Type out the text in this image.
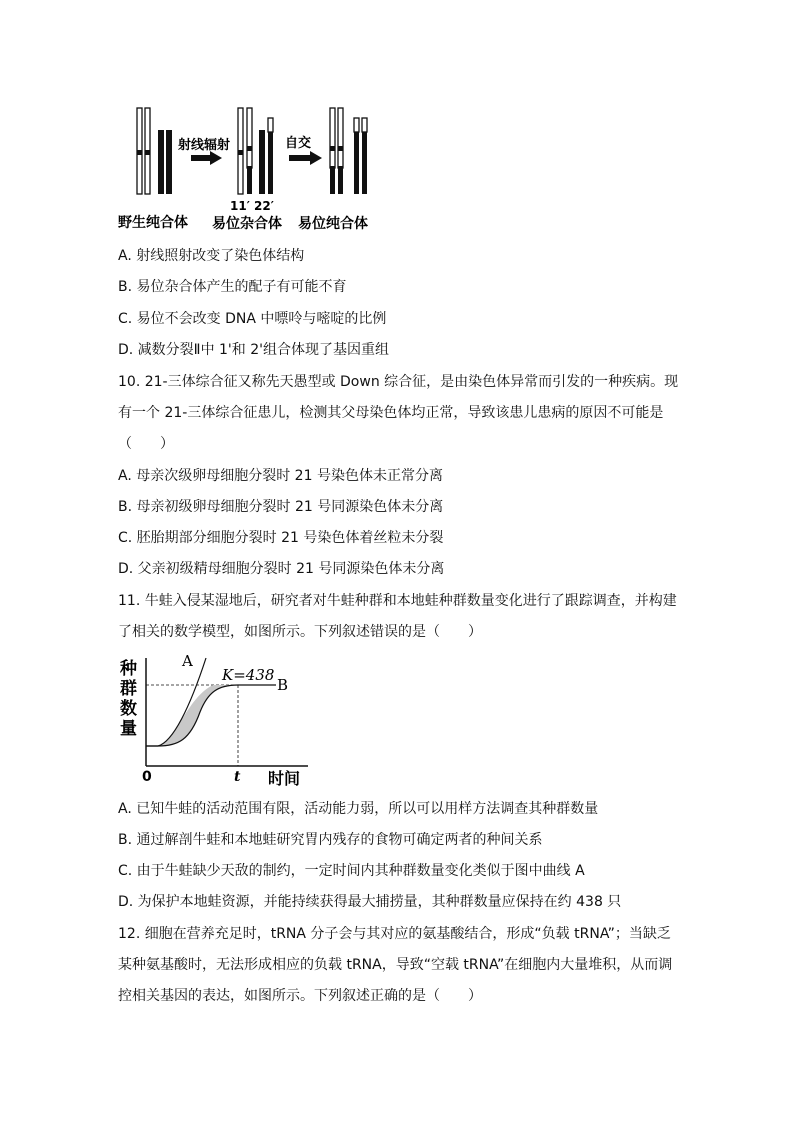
射线辐射
11′ 22′
自交
野生纯合体 易位杂合体 易位纯合体
A. 射线照射改变了染色体结构
B. 易位杂合体产生的配子有可能不育
C. 易位不会改变 DNA 中嘌呤与嘧啶的比例
D. 减数分裂Ⅱ中 1'和 2'组合体现了基因重组
10. 21-三体综合征又称先天愚型或 Down 综合征，是由染色体异常而引发的一种疾病。现
有一个 21-三体综合征患儿，检测其父母染色体均正常，导致该患儿患病的原因不可能是
（　　）
A. 母亲次级卵母细胞分裂时 21 号染色体未正常分离
B. 母亲初级卵母细胞分裂时 21 号同源染色体未分离
C. 胚胎期部分细胞分裂时 21 号染色体着丝粒未分裂
D. 父亲初级精母细胞分裂时 21 号同源染色体未分离
11. 牛蛙入侵某湿地后，研究者对牛蛙种群和本地蛙种群数量变化进行了跟踪调查，并构建
了相关的数学模型，如图所示。下列叙述错误的是（　　）
种
群
数
量
A
K=438
B
0	t 时间
A. 已知牛蛙的活动范围有限，活动能力弱，所以可以用样方法调查其种群数量
B. 通过解剖牛蛙和本地蛙研究胃内残存的食物可确定两者的种间关系
C. 由于牛蛙缺少天敌的制约，一定时间内其种群数量变化类似于图中曲线 A
D. 为保护本地蛙资源，并能持续获得最大捕捞量，其种群数量应保持在约 438 只
12. 细胞在营养充足时，tRNA 分子会与其对应的氨基酸结合，形成“负载 tRNA”；当缺乏
某种氨基酸时，无法形成相应的负载 tRNA，导致“空载 tRNA”在细胞内大量堆积，从而调
控相关基因的表达，如图所示。下列叙述正确的是（　　）
